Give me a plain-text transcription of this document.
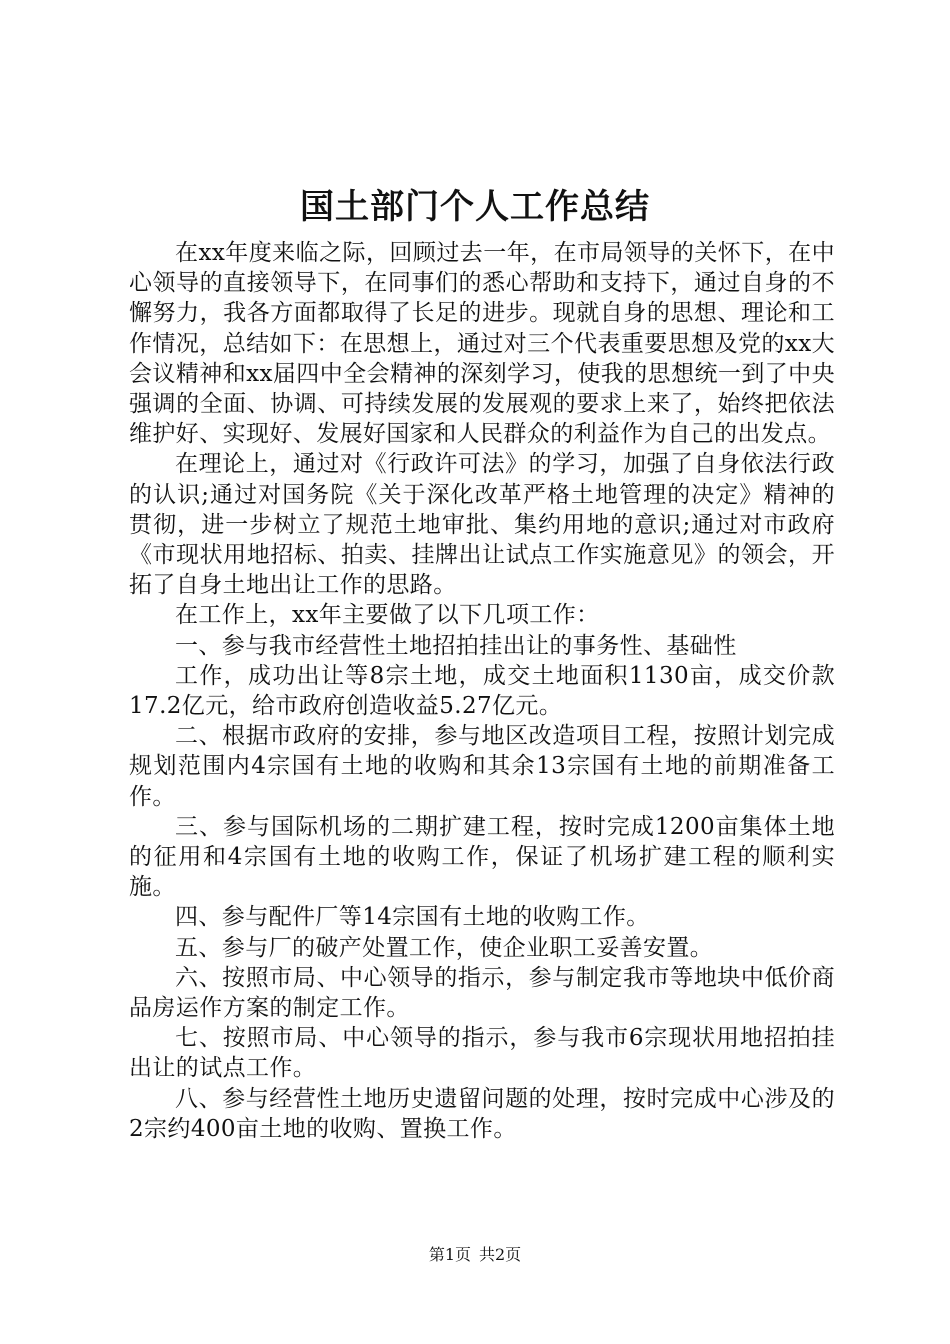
国土部门个人工作总结

在xx年度来临之际，回顾过去一年，在市局领导的关怀下，在中心领导的直接领导下，在同事们的悉心帮助和支持下，通过自身的不懈努力，我各方面都取得了长足的进步。现就自身的思想、理论和工作情况，总结如下：在思想上，通过对三个代表重要思想及党的xx大会议精神和xx届四中全会精神的深刻学习，使我的思想统一到了中央强调的全面、协调、可持续发展的发展观的要求上来了，始终把依法维护好、实现好、发展好国家和人民群众的利益作为自己的出发点。

在理论上，通过对《行政许可法》的学习，加强了自身依法行政的认识;通过对国务院《关于深化改革严格土地管理的决定》精神的贯彻，进一步树立了规范土地审批、集约用地的意识;通过对市政府《市现状用地招标、拍卖、挂牌出让试点工作实施意见》的领会，开拓了自身土地出让工作的思路。

在工作上，xx年主要做了以下几项工作：

一、参与我市经营性土地招拍挂出让的事务性、基础性

工作，成功出让等8宗土地，成交土地面积1130亩，成交价款17.2亿元，给市政府创造收益5.27亿元。

二、根据市政府的安排，参与地区改造项目工程，按照计划完成规划范围内4宗国有土地的收购和其余13宗国有土地的前期准备工作。

三、参与国际机场的二期扩建工程，按时完成1200亩集体土地的征用和4宗国有土地的收购工作，保证了机场扩建工程的顺利实施。

四、参与配件厂等14宗国有土地的收购工作。

五、参与厂的破产处置工作，使企业职工妥善安置。

六、按照市局、中心领导的指示，参与制定我市等地块中低价商品房运作方案的制定工作。

七、按照市局、中心领导的指示，参与我市6宗现状用地招拍挂出让的试点工作。

八、参与经营性土地历史遗留问题的处理，按时完成中心涉及的2宗约400亩土地的收购、置换工作。

第1页 共2页
